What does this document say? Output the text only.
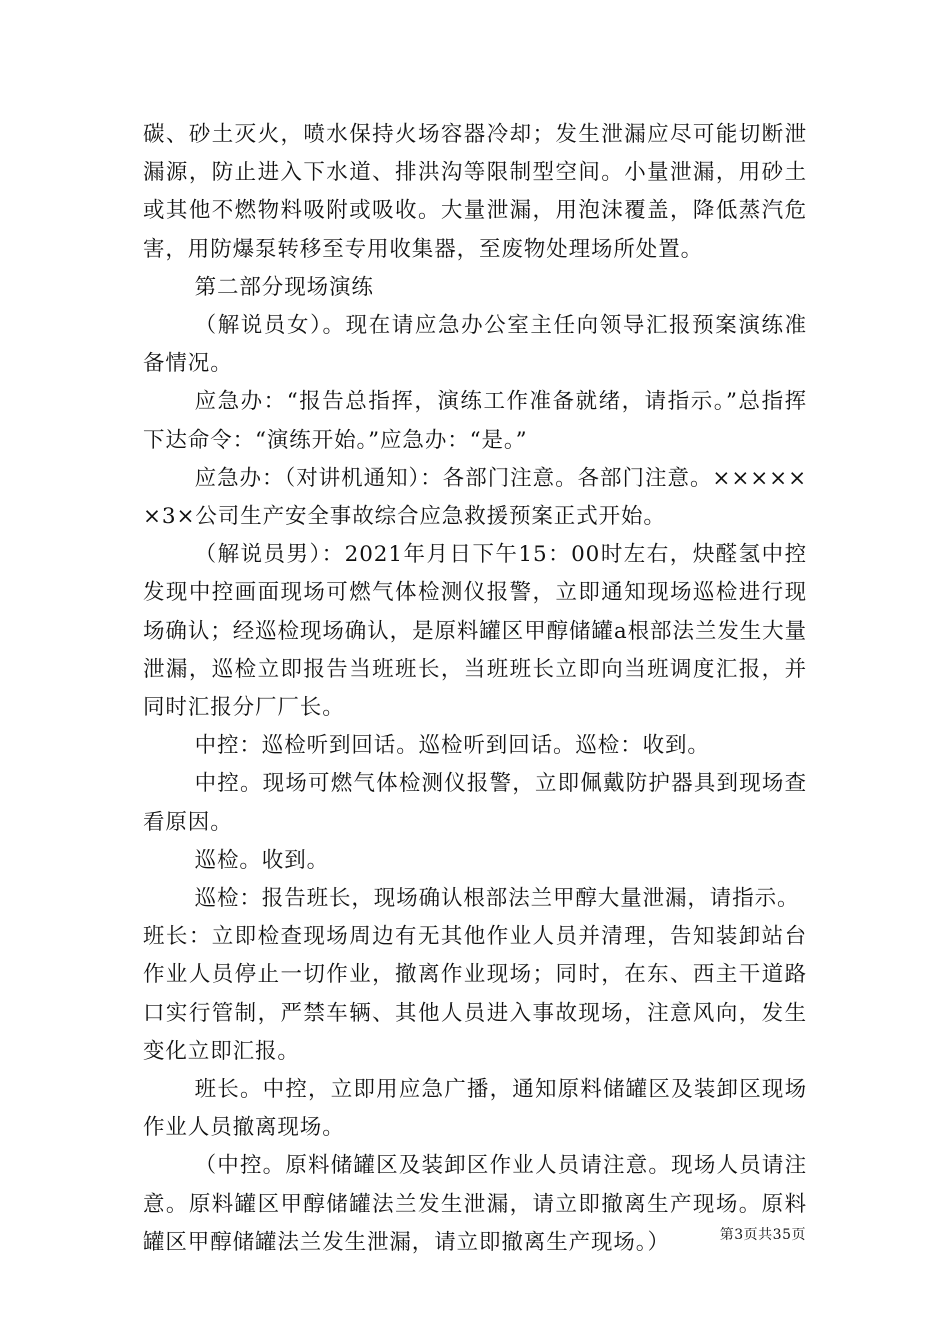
碳、砂土灭火，喷水保持火场容器冷却；发生泄漏应尽可能切断泄漏源，防止进入下水道、排洪沟等限制型空间。小量泄漏，用砂土或其他不燃物料吸附或吸收。大量泄漏，用泡沫覆盖，降低蒸汽危害，用防爆泵转移至专用收集器，至废物处理场所处置。

第二部分现场演练

（解说员女）。现在请应急办公室主任向领导汇报预案演练准备情况。

应急办：“报告总指挥，演练工作准备就绪，请指示。”总指挥下达命令：“演练开始。”应急办：“是。”

应急办：（对讲机通知）：各部门注意。各部门注意。××××××3×公司生产安全事故综合应急救援预案正式开始。

（解说员男）：2021年月日下午15：00时左右，炔醛氢中控发现中控画面现场可燃气体检测仪报警，立即通知现场巡检进行现场确认；经巡检现场确认，是原料罐区甲醇储罐a根部法兰发生大量泄漏，巡检立即报告当班班长，当班班长立即向当班调度汇报，并同时汇报分厂厂长。

中控：巡检听到回话。巡检听到回话。巡检：收到。

中控。现场可燃气体检测仪报警，立即佩戴防护器具到现场查看原因。

巡检。收到。

巡检：报告班长，现场确认根部法兰甲醇大量泄漏，请指示。

班长：立即检查现场周边有无其他作业人员并清理，告知装卸站台作业人员停止一切作业，撤离作业现场；同时，在东、西主干道路口实行管制，严禁车辆、其他人员进入事故现场，注意风向，发生变化立即汇报。

班长。中控，立即用应急广播，通知原料储罐区及装卸区现场作业人员撤离现场。

（中控。原料储罐区及装卸区作业人员请注意。现场人员请注意。原料罐区甲醇储罐法兰发生泄漏，请立即撤离生产现场。原料罐区甲醇储罐法兰发生泄漏，请立即撤离生产现场。）	第3页共35页
